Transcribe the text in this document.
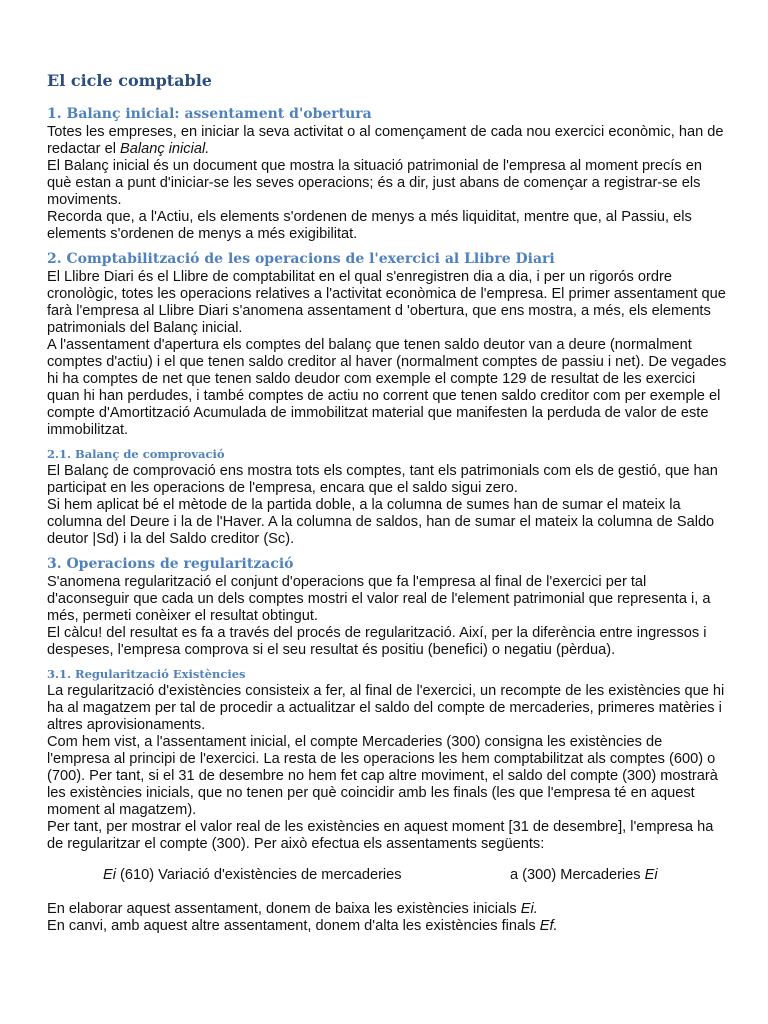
El cicle comptable
1. Balanç inicial: assentament d'obertura

Totes les empreses, en iniciar la seva activitat o al començament de cada nou exercici econòmic, han de redactar el Balanç inicial.

El Balanç inicial és un document que mostra la situació patrimonial de l'empresa al moment precís en què estan a punt d'iniciar-se les seves operacions; és a dir, just abans de començar a registrar-se els moviments.

Recorda que, a l'Actiu, els elements s'ordenen de menys a més liquiditat, mentre que, al Passiu, els elements s'ordenen de menys a més exigibilitat.

2. Comptabilització de les operacions de l'exercici al Llibre Diari

El Llibre Diari és el Llibre de comptabilitat en el qual s'enregistren dia a dia, i per un rigorós ordre cronològic, totes les operacions relatives a l'activitat econòmica de l'empresa. El primer assentament que farà l'empresa al Llibre Diari s'anomena assentament d 'obertura, que ens mostra, a més, els elements patrimonials del Balanç inicial.

A l'assentament d'apertura els comptes del balanç que tenen saldo deutor van a deure (normalment comptes d'actiu) i el que tenen saldo creditor al haver (normalment comptes de passiu i net). De vegades hi ha comptes de net que tenen saldo deudor com exemple el compte 129 de resultat de les exercici quan hi han perdudes, i també comptes de actiu no corrent que tenen saldo creditor com per exemple el compte d'Amortització Acumulada de immobilitzat material que manifesten la perduda de valor de este immobilitzat.

2.1. Balanç de comprovació

El Balanç de comprovació ens mostra tots els comptes, tant els patrimonials com els de gestió, que han participat en les operacions de l'empresa, encara que el saldo sigui zero.

Si hem aplicat bé el mètode de la partida doble, a la columna de sumes han de sumar el mateix la columna del Deure i la de l'Haver. A la columna de saldos, han de sumar el mateix la columna de Saldo deutor |Sd) i la del Saldo creditor (Sc).

3. Operacions de regularització

S'anomena regularització el conjunt d'operacions que fa l'empresa al final de l'exercici per tal d'aconseguir que cada un dels comptes mostri el valor real de l'element patrimonial que representa i, a més, permeti conèixer el resultat obtingut.

El càlcu! del resultat es fa a través del procés de regularització. Així, per la diferència entre ingressos i despeses, l'empresa comprova si el seu resultat és positiu (benefici) o negatiu (pèrdua).

3.1. Regularització Existències

La regularització d'existències consisteix a fer, al final de l'exercici, un recompte de les existències que hi ha al magatzem per tal de procedir a actualitzar el saldo del compte de mercaderies, primeres matèries i altres aprovisionaments.

Com hem vist, a l'assentament inicial, el compte Mercaderies (300) consigna les existències de l'empresa al principi de l'exercici. La resta de les operacions les hem comptabilitzat als comptes (600) o (700). Per tant, si el 31 de desembre no hem fet cap altre moviment, el saldo del compte (300) mostrarà les existències inicials, que no tenen per què coincidir amb les finals (les que l'empresa té en aquest moment al magatzem).

Per tant, per mostrar el valor real de les existències en aquest moment [31 de desembre], l'empresa ha de regularitzar el compte (300). Per això efectua els assentaments següents:

Ei (610) Variació d'existències de mercaderies	a (300) Mercaderies Ei

En elaborar aquest assentament, donem de baixa les existències inicials Ei.

En canvi, amb aquest altre assentament, donem d'alta les existències finals Ef.
